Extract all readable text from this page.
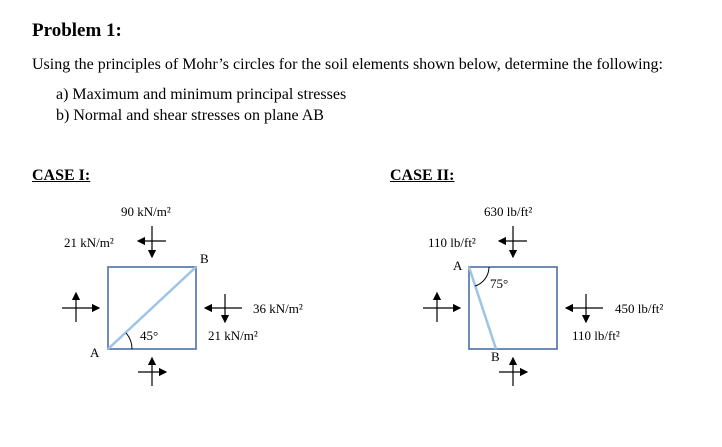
Problem 1:
Using the principles of Mohr’s circles for the soil elements shown below, determine the following:
a) Maximum and minimum principal stresses
b) Normal and shear stresses on plane AB
CASE I:	CASE II:
90 kN/m²
21 kN/m²
36 kN/m²
21 kN/m²
45°
A
B
630 lb/ft²
110 lb/ft²
450 lb/ft²
110 lb/ft²
75°
A
B
